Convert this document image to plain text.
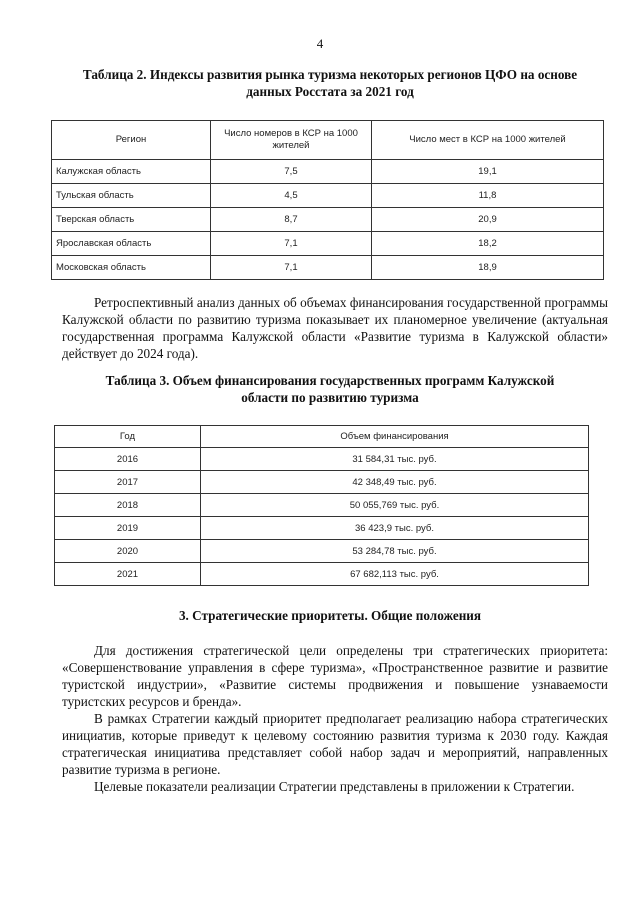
4
Таблица 2. Индексы развития рынка туризма некоторых регионов ЦФО на основе
данных Росстата за 2021 год
Регион	Число номеров в КСР на 1000 жителей	Число мест в КСР на 1000 жителей
Калужская область	7,5	19,1
Тульская область	4,5	11,8
Тверская область	8,7	20,9
Ярославская область	7,1	18,2
Московская область	7,1	18,9
Ретроспективный анализ данных об объемах финансирования государственной программы Калужской области по развитию туризма показывает их планомерное увеличение (актуальная государственная программа Калужской области «Развитие туризма в Калужской области» действует до 2024 года).
Таблица 3. Объем финансирования государственных программ Калужской
области по развитию туризма
Год	Объем финансирования
2016	31 584,31 тыс. руб.
2017	42 348,49 тыс. руб.
2018	50 055,769 тыс. руб.
2019	36 423,9 тыс. руб.
2020	53 284,78 тыс. руб.
2021	67 682,113 тыс. руб.
3. Стратегические приоритеты. Общие положения
Для достижения стратегической цели определены три стратегических приоритета: «Совершенствование управления в сфере туризма», «Пространственное развитие и развитие туристской индустрии», «Развитие системы продвижения и повышение узнаваемости туристских ресурсов и бренда».
В рамках Стратегии каждый приоритет предполагает реализацию набора стратегических инициатив, которые приведут к целевому состоянию развития туризма к 2030 году. Каждая стратегическая инициатива представляет собой набор задач и мероприятий, направленных развитие туризма в регионе.
Целевые показатели реализации Стратегии представлены в приложении к Стратегии.
